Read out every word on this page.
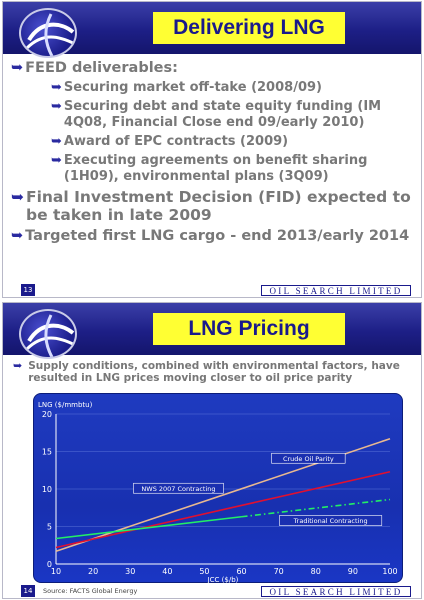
Delivering LNG
➥ FEED deliverables:
➥ Securing market off-take (2008/09)
➥ Securing debt and state equity funding (IM 4Q08, Financial Close end 09/early 2010)
➥ Award of EPC contracts (2009)
➥ Executing agreements on benefit sharing (1H09), environmental plans (3Q09)
➥ Final Investment Decision (FID) expected to be taken in late 2009
➥ Targeted first LNG cargo - end 2013/early 2014
13	OIL SEARCH LIMITED
LNG Pricing
➥ Supply conditions, combined with environmental factors, have resulted in LNG prices moving closer to oil price parity
0
5
10
15
20
10	20	30	40	50	60	70	80	90	100
LNG ($/mmbtu)
JCC ($/b)
Crude Oil Parity
NWS 2007 Contracting
Traditional Contracting
14	Source: FACTS Global Energy	OIL SEARCH LIMITED
